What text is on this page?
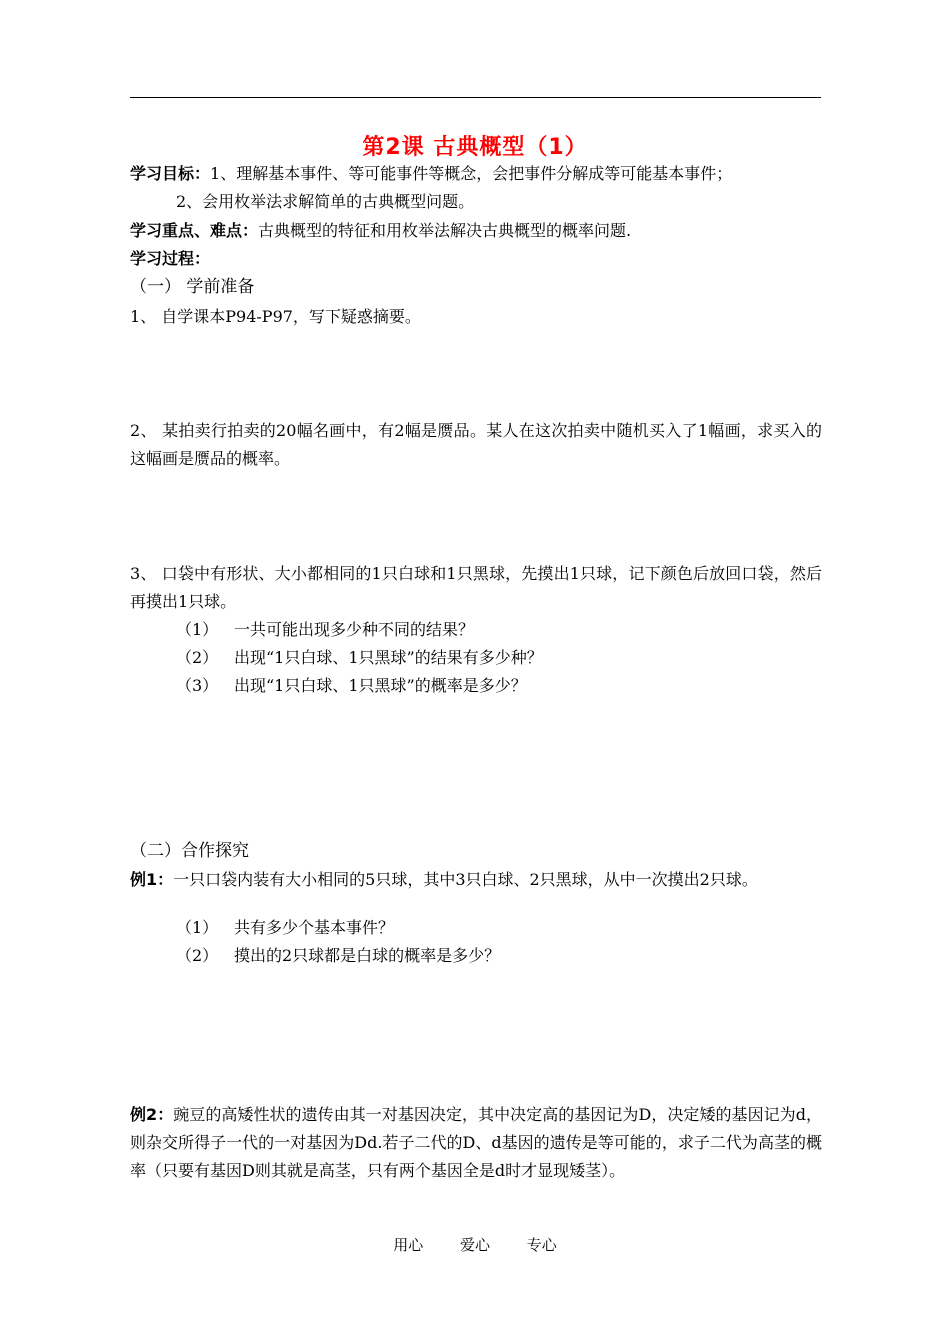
第2课 古典概型（1）
学习目标：1、理解基本事件、等可能事件等概念，会把事件分解成等可能基本事件；
2、会用枚举法求解简单的古典概型问题。
学习重点、难点：古典概型的特征和用枚举法解决古典概型的概率问题.
学习过程：
（一） 学前准备
1、 自学课本P94-P97，写下疑惑摘要。
2、 某拍卖行拍卖的20幅名画中，有2幅是赝品。某人在这次拍卖中随机买入了1幅画，求买入的这幅画是赝品的概率。
3、 口袋中有形状、大小都相同的1只白球和1只黑球，先摸出1只球，记下颜色后放回口袋，然后再摸出1只球。
（1） 一共可能出现多少种不同的结果？
（2） 出现“1只白球、1只黑球”的结果有多少种？
（3） 出现“1只白球、1只黑球”的概率是多少？
（二）合作探究
例1：一只口袋内装有大小相同的5只球，其中3只白球、2只黑球，从中一次摸出2只球。
（1） 共有多少个基本事件？
（2） 摸出的2只球都是白球的概率是多少？
例2：豌豆的高矮性状的遗传由其一对基因决定，其中决定高的基因记为D，决定矮的基因记为d，则杂交所得子一代的一对基因为Dd.若子二代的D、d基因的遗传是等可能的，求子二代为高茎的概率（只要有基因D则其就是高茎，只有两个基因全是d时才显现矮茎）。
用心 爱心 专心
